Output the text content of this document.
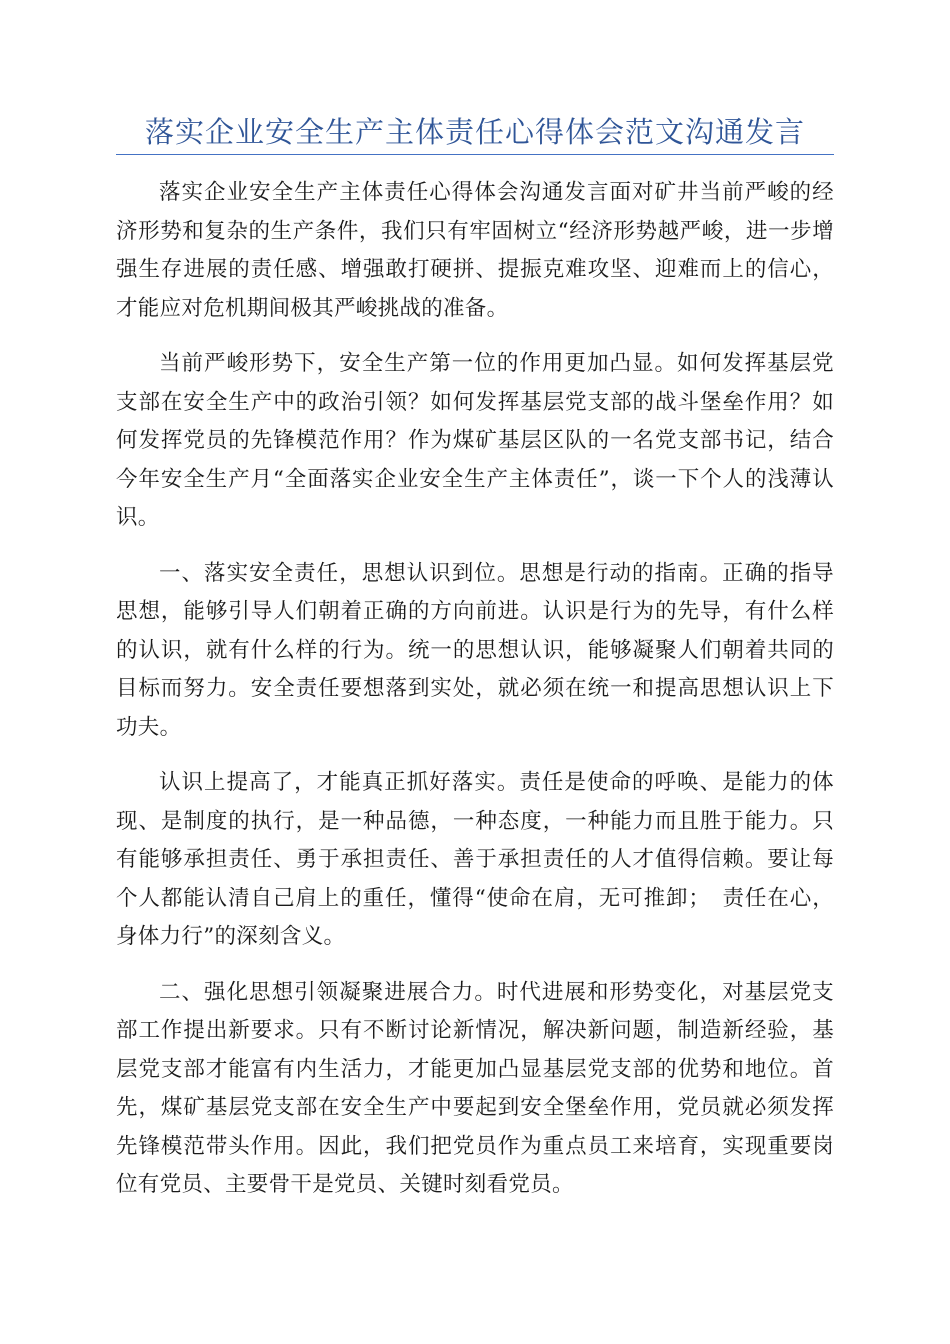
落实企业安全生产主体责任心得体会范文沟通发言

落实企业安全生产主体责任心得体会沟通发言面对矿井当前严峻的经济形势和复杂的生产条件，我们只有牢固树立“经济形势越严峻，进一步增强生存进展的责任感、增强敢打硬拼、提振克难攻坚、迎难而上的信心，才能应对危机期间极其严峻挑战的准备。

当前严峻形势下，安全生产第一位的作用更加凸显。如何发挥基层党支部在安全生产中的政治引领？如何发挥基层党支部的战斗堡垒作用？如何发挥党员的先锋模范作用？作为煤矿基层区队的一名党支部书记，结合今年安全生产月“全面落实企业安全生产主体责任”，谈一下个人的浅薄认识。

一、落实安全责任，思想认识到位。思想是行动的指南。正确的指导思想，能够引导人们朝着正确的方向前进。认识是行为的先导，有什么样的认识，就有什么样的行为。统一的思想认识，能够凝聚人们朝着共同的目标而努力。安全责任要想落到实处，就必须在统一和提高思想认识上下功夫。

认识上提高了，才能真正抓好落实。责任是使命的呼唤、是能力的体现、是制度的执行，是一种品德，一种态度，一种能力而且胜于能力。只有能够承担责任、勇于承担责任、善于承担责任的人才值得信赖。要让每个人都能认清自己肩上的重任，懂得“使命在肩，无可推卸；　责任在心，身体力行”的深刻含义。

二、强化思想引领凝聚进展合力。时代进展和形势变化，对基层党支部工作提出新要求。只有不断讨论新情况，解决新问题，制造新经验，基层党支部才能富有内生活力，才能更加凸显基层党支部的优势和地位。首先，煤矿基层党支部在安全生产中要起到安全堡垒作用，党员就必须发挥先锋模范带头作用。因此，我们把党员作为重点员工来培育，实现重要岗位有党员、主要骨干是党员、关键时刻看党员。
